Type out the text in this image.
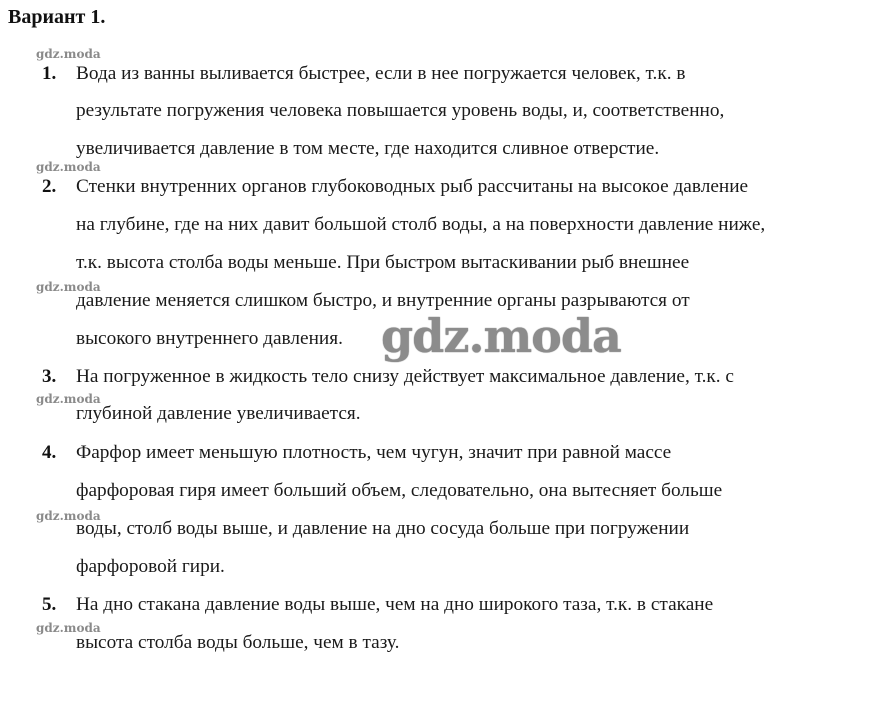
Вариант 1.
gdz.moda
gdz.moda
gdz.moda
gdz.moda
gdz.moda
gdz.moda
1. Вода из ванны выливается быстрее, если в нее погружается человек, т.к. в
результате погружения человека повышается уровень воды, и, соответственно,
увеличивается давление в том месте, где находится сливное отверстие.
2. Стенки внутренних органов глубоководных рыб рассчитаны на высокое давление
на глубине, где на них давит большой столб воды, а на поверхности давление ниже,
т.к. высота столба воды меньше. При быстром вытаскивании рыб внешнее
давление меняется слишком быстро, и внутренние органы разрываются от
высокого внутреннего давления.
3. На погруженное в жидкость тело снизу действует максимальное давление, т.к. с
глубиной давление увеличивается.
4. Фарфор имеет меньшую плотность, чем чугун, значит при равной массе
фарфоровая гиря имеет больший объем, следовательно, она вытесняет больше
воды, столб воды выше, и давление на дно сосуда больше при погружении
фарфоровой гири.
5. На дно стакана давление воды выше, чем на дно широкого таза, т.к. в стакане
высота столба воды больше, чем в тазу.
gdz.moda
